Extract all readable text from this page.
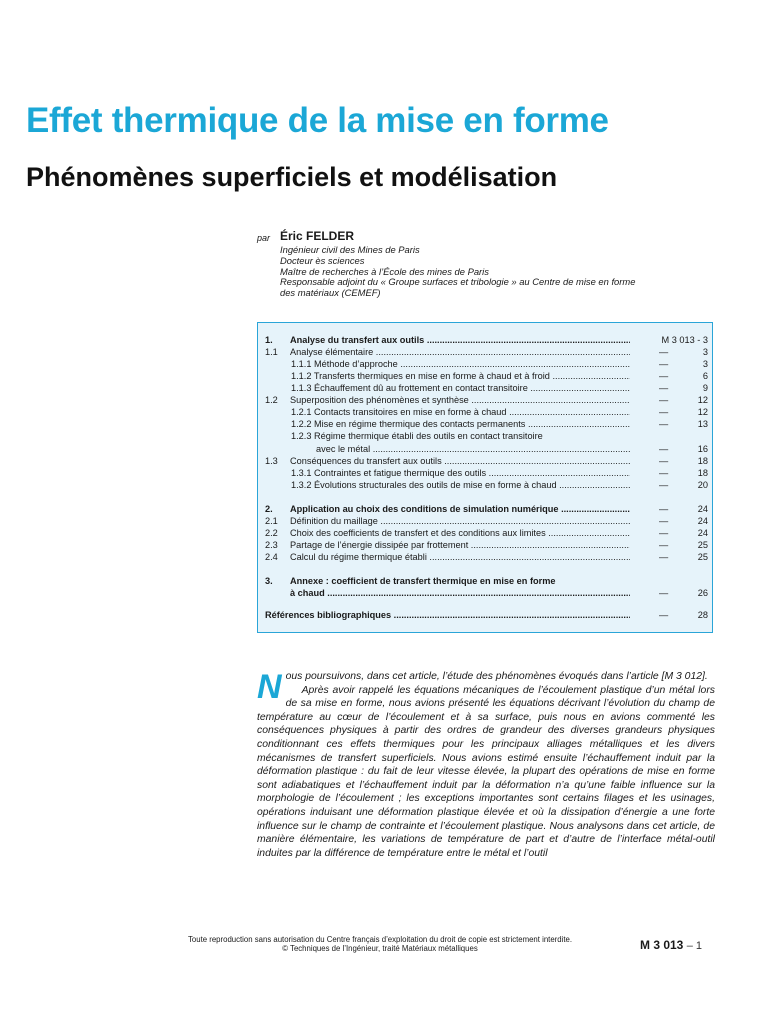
Effet thermique de la mise en forme
Phénomènes superficiels et modélisation
par Éric FELDER
Ingénieur civil des Mines de Paris
Docteur ès sciences
Maître de recherches à l’École des mines de Paris
Responsable adjoint du « Groupe surfaces et tribologie » au Centre de mise en forme
des matériaux (CEMEF)
1. Analyse du transfert aux outils .....	M 3 013 - 3
1.1 Analyse élémentaire .....	—	3
1.1.1 Méthode d’approche .....	—	3
1.1.2 Transferts thermiques en mise en forme à chaud et à froid .....	—	6
1.1.3 Échauffement dû au frottement en contact transitoire .....	—	9
1.2 Superposition des phénomènes et synthèse .....	—	12
1.2.1 Contacts transitoires en mise en forme à chaud .....	—	12
1.2.2 Mise en régime thermique des contacts permanents .....	—	13
1.2.3 Régime thermique établi des outils en contact transitoire
avec le métal .....	—	16
1.3 Conséquences du transfert aux outils .....	—	18
1.3.1 Contraintes et fatigue thermique des outils .....	—	18
1.3.2 Évolutions structurales des outils de mise en forme à chaud .....	—	20
2. Application au choix des conditions de simulation numérique .....	—	24
2.1 Définition du maillage .....	—	24
2.2 Choix des coefficients de transfert et des conditions aux limites .....	—	24
2.3 Partage de l’énergie dissipée par frottement .....	—	25
2.4 Calcul du régime thermique établi .....	—	25
3. Annexe : coefficient de transfert thermique en mise en forme
à chaud .....	—	26
Références bibliographiques .....	—	28
N ous poursuivons, dans cet article, l’étude des phénomènes évoqués dans l’article [M 3 012].

Après avoir rappelé les équations mécaniques de l’écoulement plastique d’un métal lors de sa mise en forme, nous avions présenté les équations décrivant l’évolution du champ de température au cœur de l’écoulement et à sa surface, puis nous en avions commenté les conséquences physiques à partir des ordres de grandeur des diverses grandeurs physiques conditionnant ces effets thermiques pour les principaux alliages métalliques et les divers mécanismes de transfert superficiels. Nous avions estimé ensuite l’échauffement induit par la déformation plastique : du fait de leur vitesse élevée, la plupart des opérations de mise en forme sont adiabatiques et l’échauffement induit par la déformation n’a qu’une faible influence sur la morphologie de l’écoulement ; les exceptions importantes sont certains filages et les usinages, opérations induisant une déformation plastique élevée et où la dissipation d’énergie a une forte influence sur le champ de contrainte et l’écoulement plastique. Nous analysons dans cet article, de manière élémentaire, les variations de température de part et d’autre de l’interface métal-outil induites par la différence de température entre le métal et l’outil

Toute reproduction sans autorisation du Centre français d’exploitation du droit de copie est strictement interdite.
© Techniques de l’Ingénieur, traité Matériaux métalliques	M 3 013 – 1
